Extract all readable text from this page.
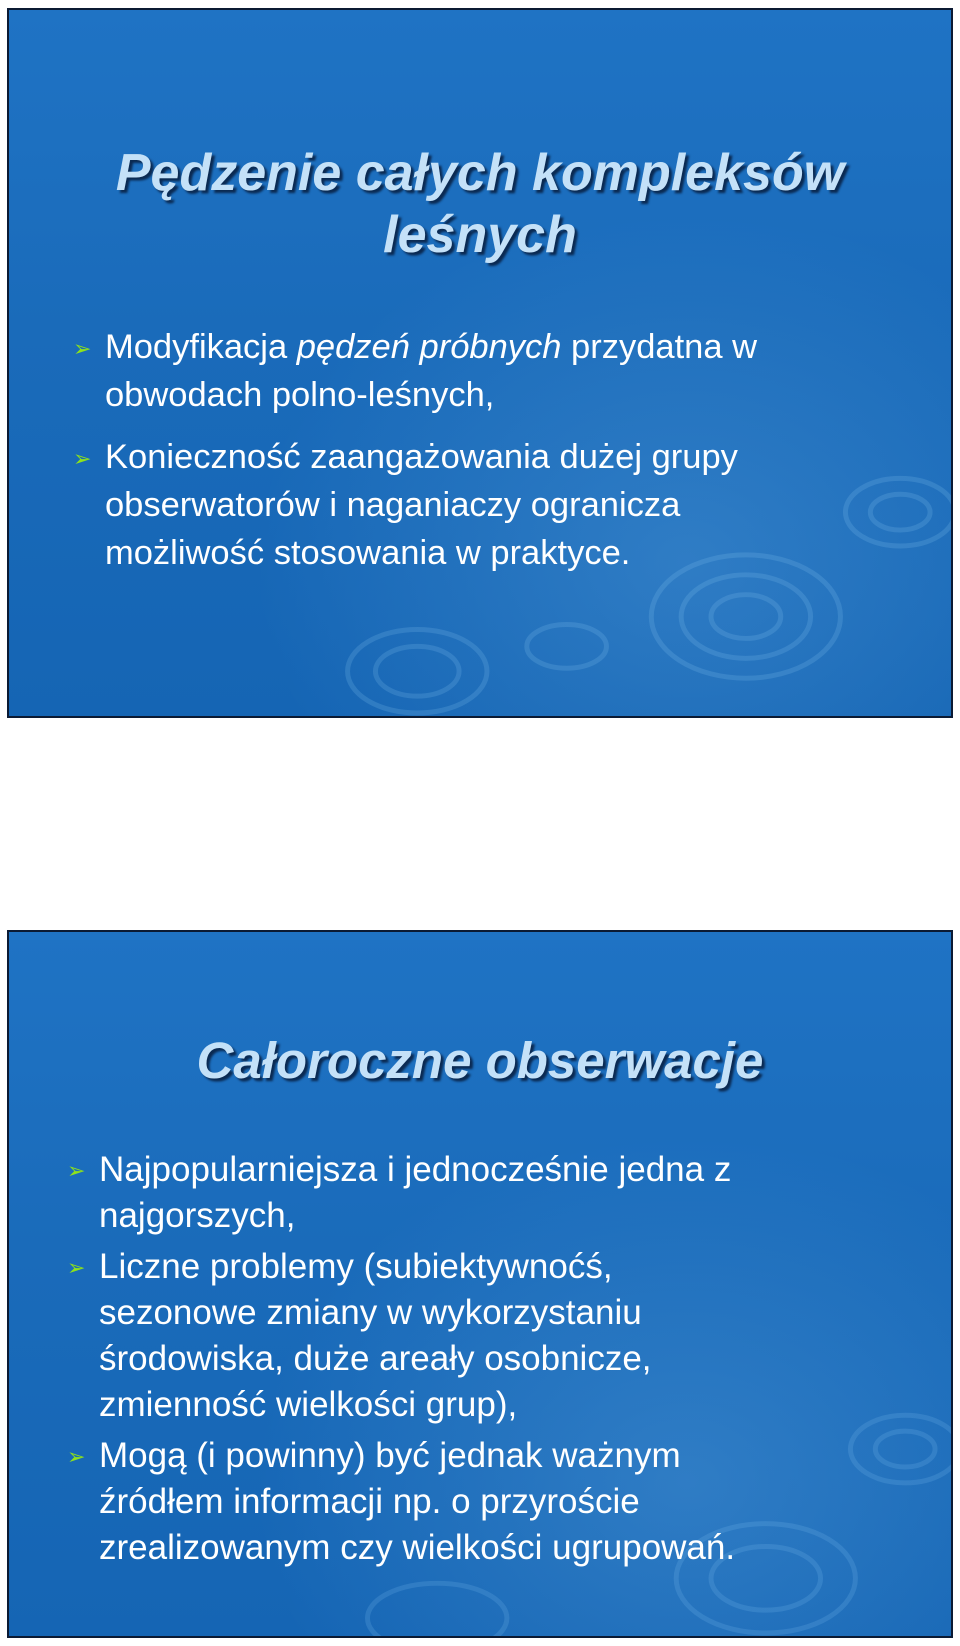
Pędzenie całych kompleksów
leśnych
➢ Modyfikacja pędzeń próbnych przydatna w
obwodach polno-leśnych,
➢ Konieczność zaangażowania dużej grupy
obserwatorów i naganiaczy ogranicza
możliwość stosowania w praktyce.
Całoroczne obserwacje
➢ Najpopularniejsza i jednocześnie jedna z
najgorszych,
➢ Liczne problemy (subiektywnoćś,
sezonowe zmiany w wykorzystaniu
środowiska, duże areały osobnicze,
zmienność wielkości grup),
➢ Mogą (i powinny) być jednak ważnym
źródłem informacji np. o przyroście
zrealizowanym czy wielkości ugrupowań.
